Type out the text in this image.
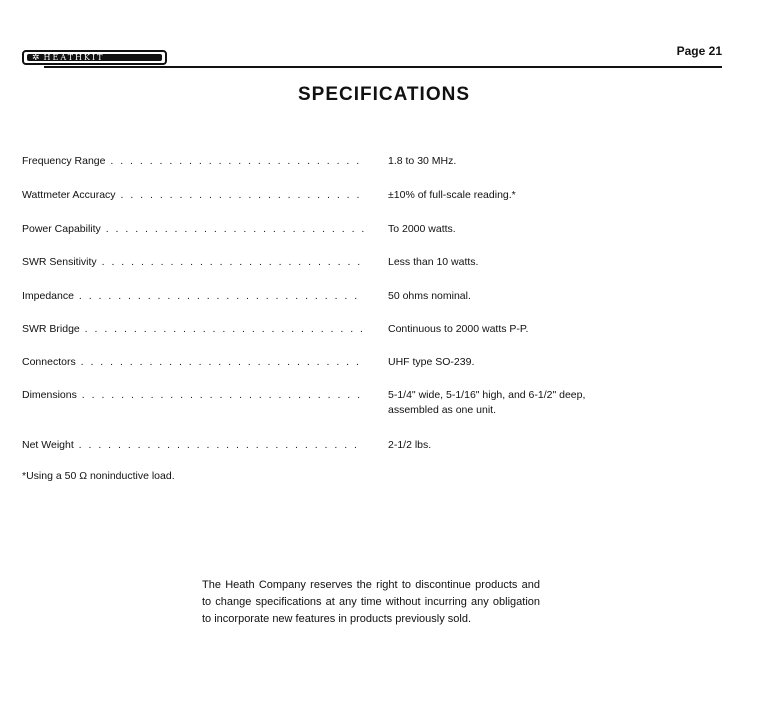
✲ HEATHKIT	Page 21
SPECIFICATIONS
Frequency Range . . .	1.8 to 30 MHz.
Wattmeter Accuracy . . .	±10% of full-scale reading.*
Power Capability . . .	To 2000 watts.
SWR Sensitivity . . .	Less than 10 watts.
Impedance . . .	50 ohms nominal.
SWR Bridge . . .	Continuous to 2000 watts P-P.
Connectors . . .	UHF type SO-239.
Dimensions . . .	5-1/4" wide, 5-1/16" high, and 6-1/2" deep,
assembled as one unit.
Net Weight . . .	2-1/2 lbs.
*Using a 50 Ω noninductive load.
The Heath Company reserves the right to discontinue products and to change specifications at any time without incurring any obligation to incorporate new features in products previously sold.
